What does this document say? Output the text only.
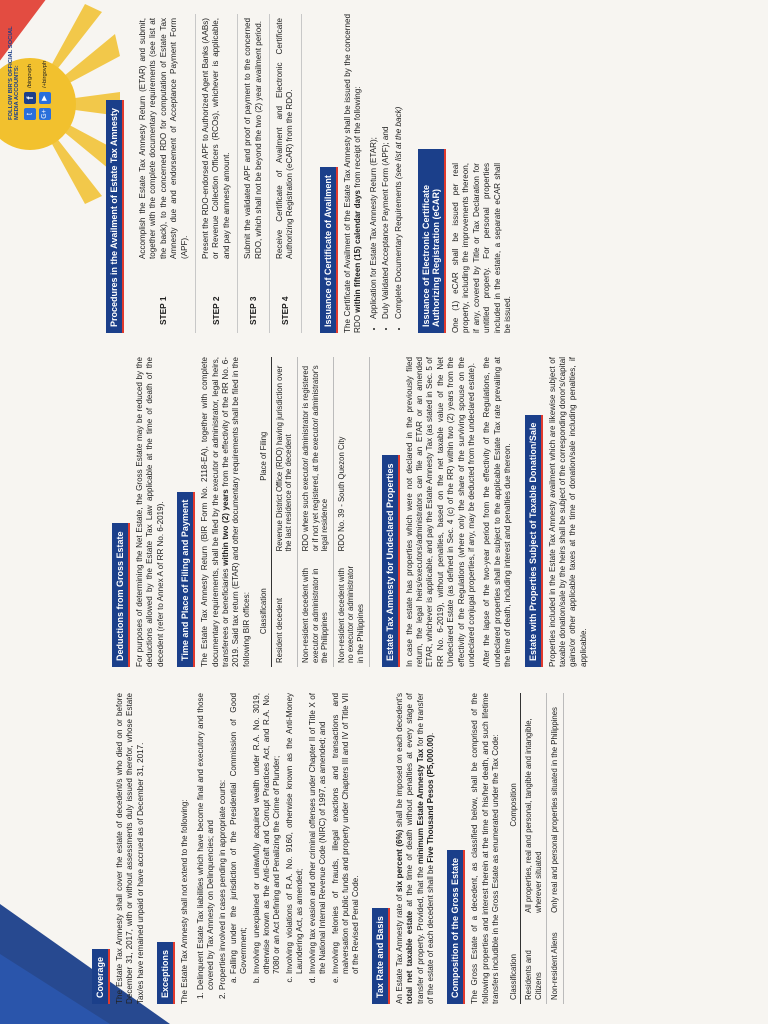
FOLLOW BIR'S OFFICIAL SOCIAL MEDIA ACCOUNTS: t
f
/birgovph
G+
▶
/+birgovph
Coverage The Estate Tax Amnesty shall cover the estate of decedent/s who died on or before December 31, 2017, with or without assessments duly issued therefor, whose Estate Tax/es have remained unpaid or have accrued as of December 31, 2017. Exceptions The Estate Tax Amnesty shall not extend to the following: 1. Delinquent Estate Tax liabilities which have become final and executory and those covered by Tax Amnesty on Delinquencies; and 2. Properties involved in cases pending in appropriate courts: a. Falling under the jurisdiction of the Presidential Commission of Good Government; b. Involving unexplained or unlawfully acquired wealth under R.A. No. 3019, otherwise known as the Anti-Graft and Corrupt Practices Act, and R.A. No. 7080 or an Act Defining and Penalizing the Crime of Plunder; c. Involving violations of R.A. No. 9160, otherwise known as the Anti-Money Laundering Act, as amended; d. Involving tax evasion and other criminal offenses under Chapter II of Title X of the National Internal Revenue Code (NIRC) of 1997, as amended; and e. Involving felonies of frauds, illegal exactions and transactions and malversation of public funds and property under Chapters III and IV of Title VII of the Revised Penal Code. Tax Rate and Basis An Estate Tax Amnesty rate of six percent (6%) shall be imposed on each decedent's total net taxable estate at the time of death without penalties at every stage of transfer of property. Provided, that the minimum Estate Amnesty Tax for the transfer of the estate of each decedent shall be Five Thousand Pesos (P5,000.00).

Composition of the Gross Estate The Gross Estate of a decedent, as classified below, shall be comprised of the following properties and interest therein at the time of his/her death, and such lifetime transfers includible in the Gross Estate as enumerated under the Tax Code: Classification	Composition
Residents and Citizens	All properties, real and personal, tangible and intangible, wherever situated
Non-resident Aliens	Only real and personal properties situated in the Philippines
Deductions from Gross Estate For purposes of determining the Net Estate, the Gross Estate may be reduced by the deductions allowed by the Estate Tax Law applicable at the time of death of the decedent (refer to Annex A of RR No. 6-2019). Time and Place of Filing and Payment The Estate Tax Amnesty Return (BIR Form No. 2118-EA), together with complete documentary requirements, shall be filed by the executor or administrator, legal heirs, transferees or beneficiaries within two (2) years from the effectivity of the RR No. 6-2019. Said tax return (ETAR) and other documentary requirements shall be filed in the following BIR offices: Classification	Place of Filing
Resident decedent	Revenue District Office (RDO) having jurisdiction over the last residence of the decedent
Non-resident decedent with executor or administrator in the Philippines	RDO where such executor/ administrator is registered or if not yet registered, at the executor/ administrator's legal residence
Non-resident decedent with no executor or administrator in the Philippines	RDO No. 39 - South Quezon City	Estate Tax Amnesty for Undeclared Properties In case the estate has properties which were not declared in the previously filed return, the legal heirs/executors/administrators can file an ETAR or an amended ETAR, whichever is applicable, and pay the Estate Amnesty Tax (as stated in Sec. 5 of RR No. 6-2019), without penalties, based on the net taxable value of the Net Undeclared Estate (as defined in Sec. 4 (c) of the RR) within two (2) years from the effectivity of the Regulations (where only the share of the surviving spouse on the undeclared conjugal properties, if any, may be deducted from the undeclared estate). After the lapse of the two-year period from the effectivity of the Regulations, the undeclared properties shall be subject to the applicable Estate Tax rate prevailing at the time of death, including interest and penalties due thereon. Estate with Properties Subject of Taxable Donation/Sale Properties included in the Estate Tax Amnesty availment which are likewise subject of taxable donation/sale by the heirs shall be subject of the corresponding donor's/capital gains/or other applicable taxes at the time of donation/sale including penalties, if applicable.

Procedures in the Availment of Estate Tax Amnesty	STEP 1	Accomplish the Estate Tax Amnesty Return (ETAR) and submit, together with the complete documentary requirements (see list at the back), to the concerned RDO for computation of Estate Tax Amnesty due and endorsement of Acceptance Payment Form (APF).
STEP 2	Present the RDO-endorsed APF to Authorized Agent Banks (AABs) or Revenue Collection Officers (RCOs), whichever is applicable, and pay the amnesty amount.
STEP 3	Submit the validated APF and proof of payment to the concerned RDO, which shall not be beyond the two (2) year availment period.
STEP 4	Receive Certificate of Availment and Electronic Certificate Authorizing Registration (eCAR) from the RDO.	Issuance of Certificate of Availment The Certificate of Availment of the Estate Tax Amnesty shall be issued by the concerned RDO within fifteen (15) calendar days from receipt of the following: • Application for Estate Tax Amnesty Return (ETAR); • Duly Validated Acceptance Payment Form (APF); and • Complete Documentary Requirements (see list at the back)
Issuance of Electronic Certificate Authorizing Registration (eCAR) One (1) eCAR shall be issued per real property, including the improvements thereon, if any, covered by Title or Tax Declaration for untitled property. For personal properties included in the estate, a separate eCAR shall be issued.
